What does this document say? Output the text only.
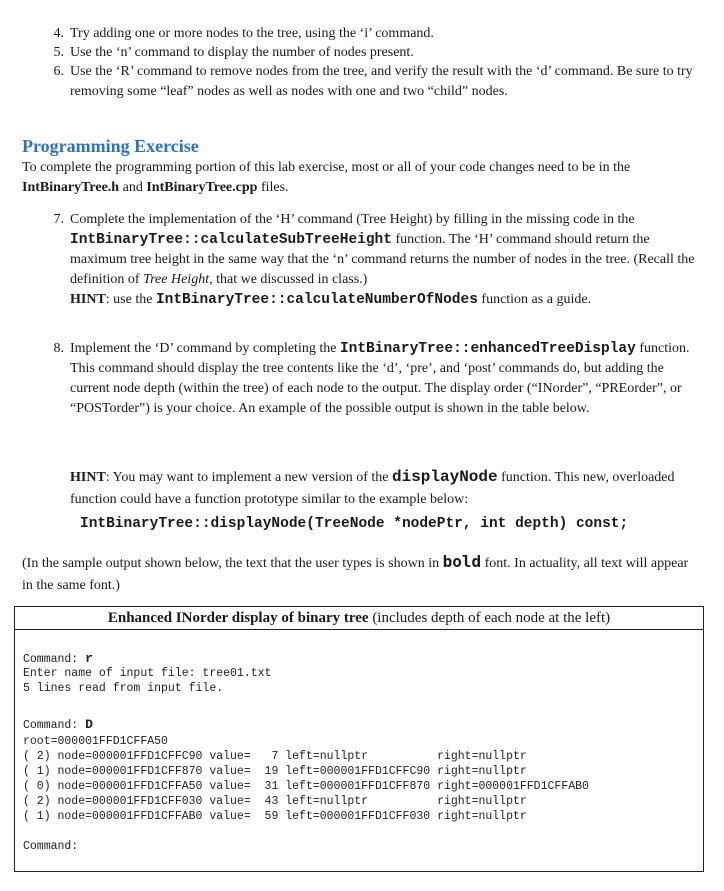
4. Try adding one or more nodes to the tree, using the ‘i’ command.
5. Use the ‘n’ command to display the number of nodes present.
6. Use the ‘R’ command to remove nodes from the tree, and verify the result with the ‘d’ command. Be sure to try removing some “leaf” nodes as well as nodes with one and two “child” nodes.
Programming Exercise
To complete the programming portion of this lab exercise, most or all of your code changes need to be in the IntBinaryTree.h and IntBinaryTree.cpp files.
7. Complete the implementation of the ‘H’ command (Tree Height) by filling in the missing code in the IntBinaryTree::calculateSubTreeHeight function. The ‘H’ command should return the maximum tree height in the same way that the ‘n’ command returns the number of nodes in the tree. (Recall the definition of Tree Height, that we discussed in class.)
HINT: use the IntBinaryTree::calculateNumberOfNodes function as a guide.
8. Implement the ‘D’ command by completing the IntBinaryTree::enhancedTreeDisplay function. This command should display the tree contents like the ‘d’, ‘pre’, and ‘post’ commands do, but adding the current node depth (within the tree) of each node to the output. The display order (“INorder”, “PREorder”, or “POSTorder”) is your choice. An example of the possible output is shown in the table below.
HINT: You may want to implement a new version of the displayNode function. This new, overloaded function could have a function prototype similar to the example below:
IntBinaryTree::displayNode(TreeNode *nodePtr, int depth) const;
(In the sample output shown below, the text that the user types is shown in bold font. In actuality, all text will appear in the same font.)
Enhanced INorder display of binary tree (includes depth of each node at the left)
Command: r
Enter name of input file: tree01.txt
5 lines read from input file.
Command: D
root=000001FFD1CFFA50
( 2) node=000001FFD1CFFC90 value=   7 left=nullptr          right=nullptr
( 1) node=000001FFD1CFF870 value=  19 left=000001FFD1CFFC90 right=nullptr
( 0) node=000001FFD1CFFA50 value=  31 left=000001FFD1CFF870 right=000001FFD1CFFAB0
( 2) node=000001FFD1CFF030 value=  43 left=nullptr          right=nullptr
( 1) node=000001FFD1CFFAB0 value=  59 left=000001FFD1CFF030 right=nullptr
Command:
